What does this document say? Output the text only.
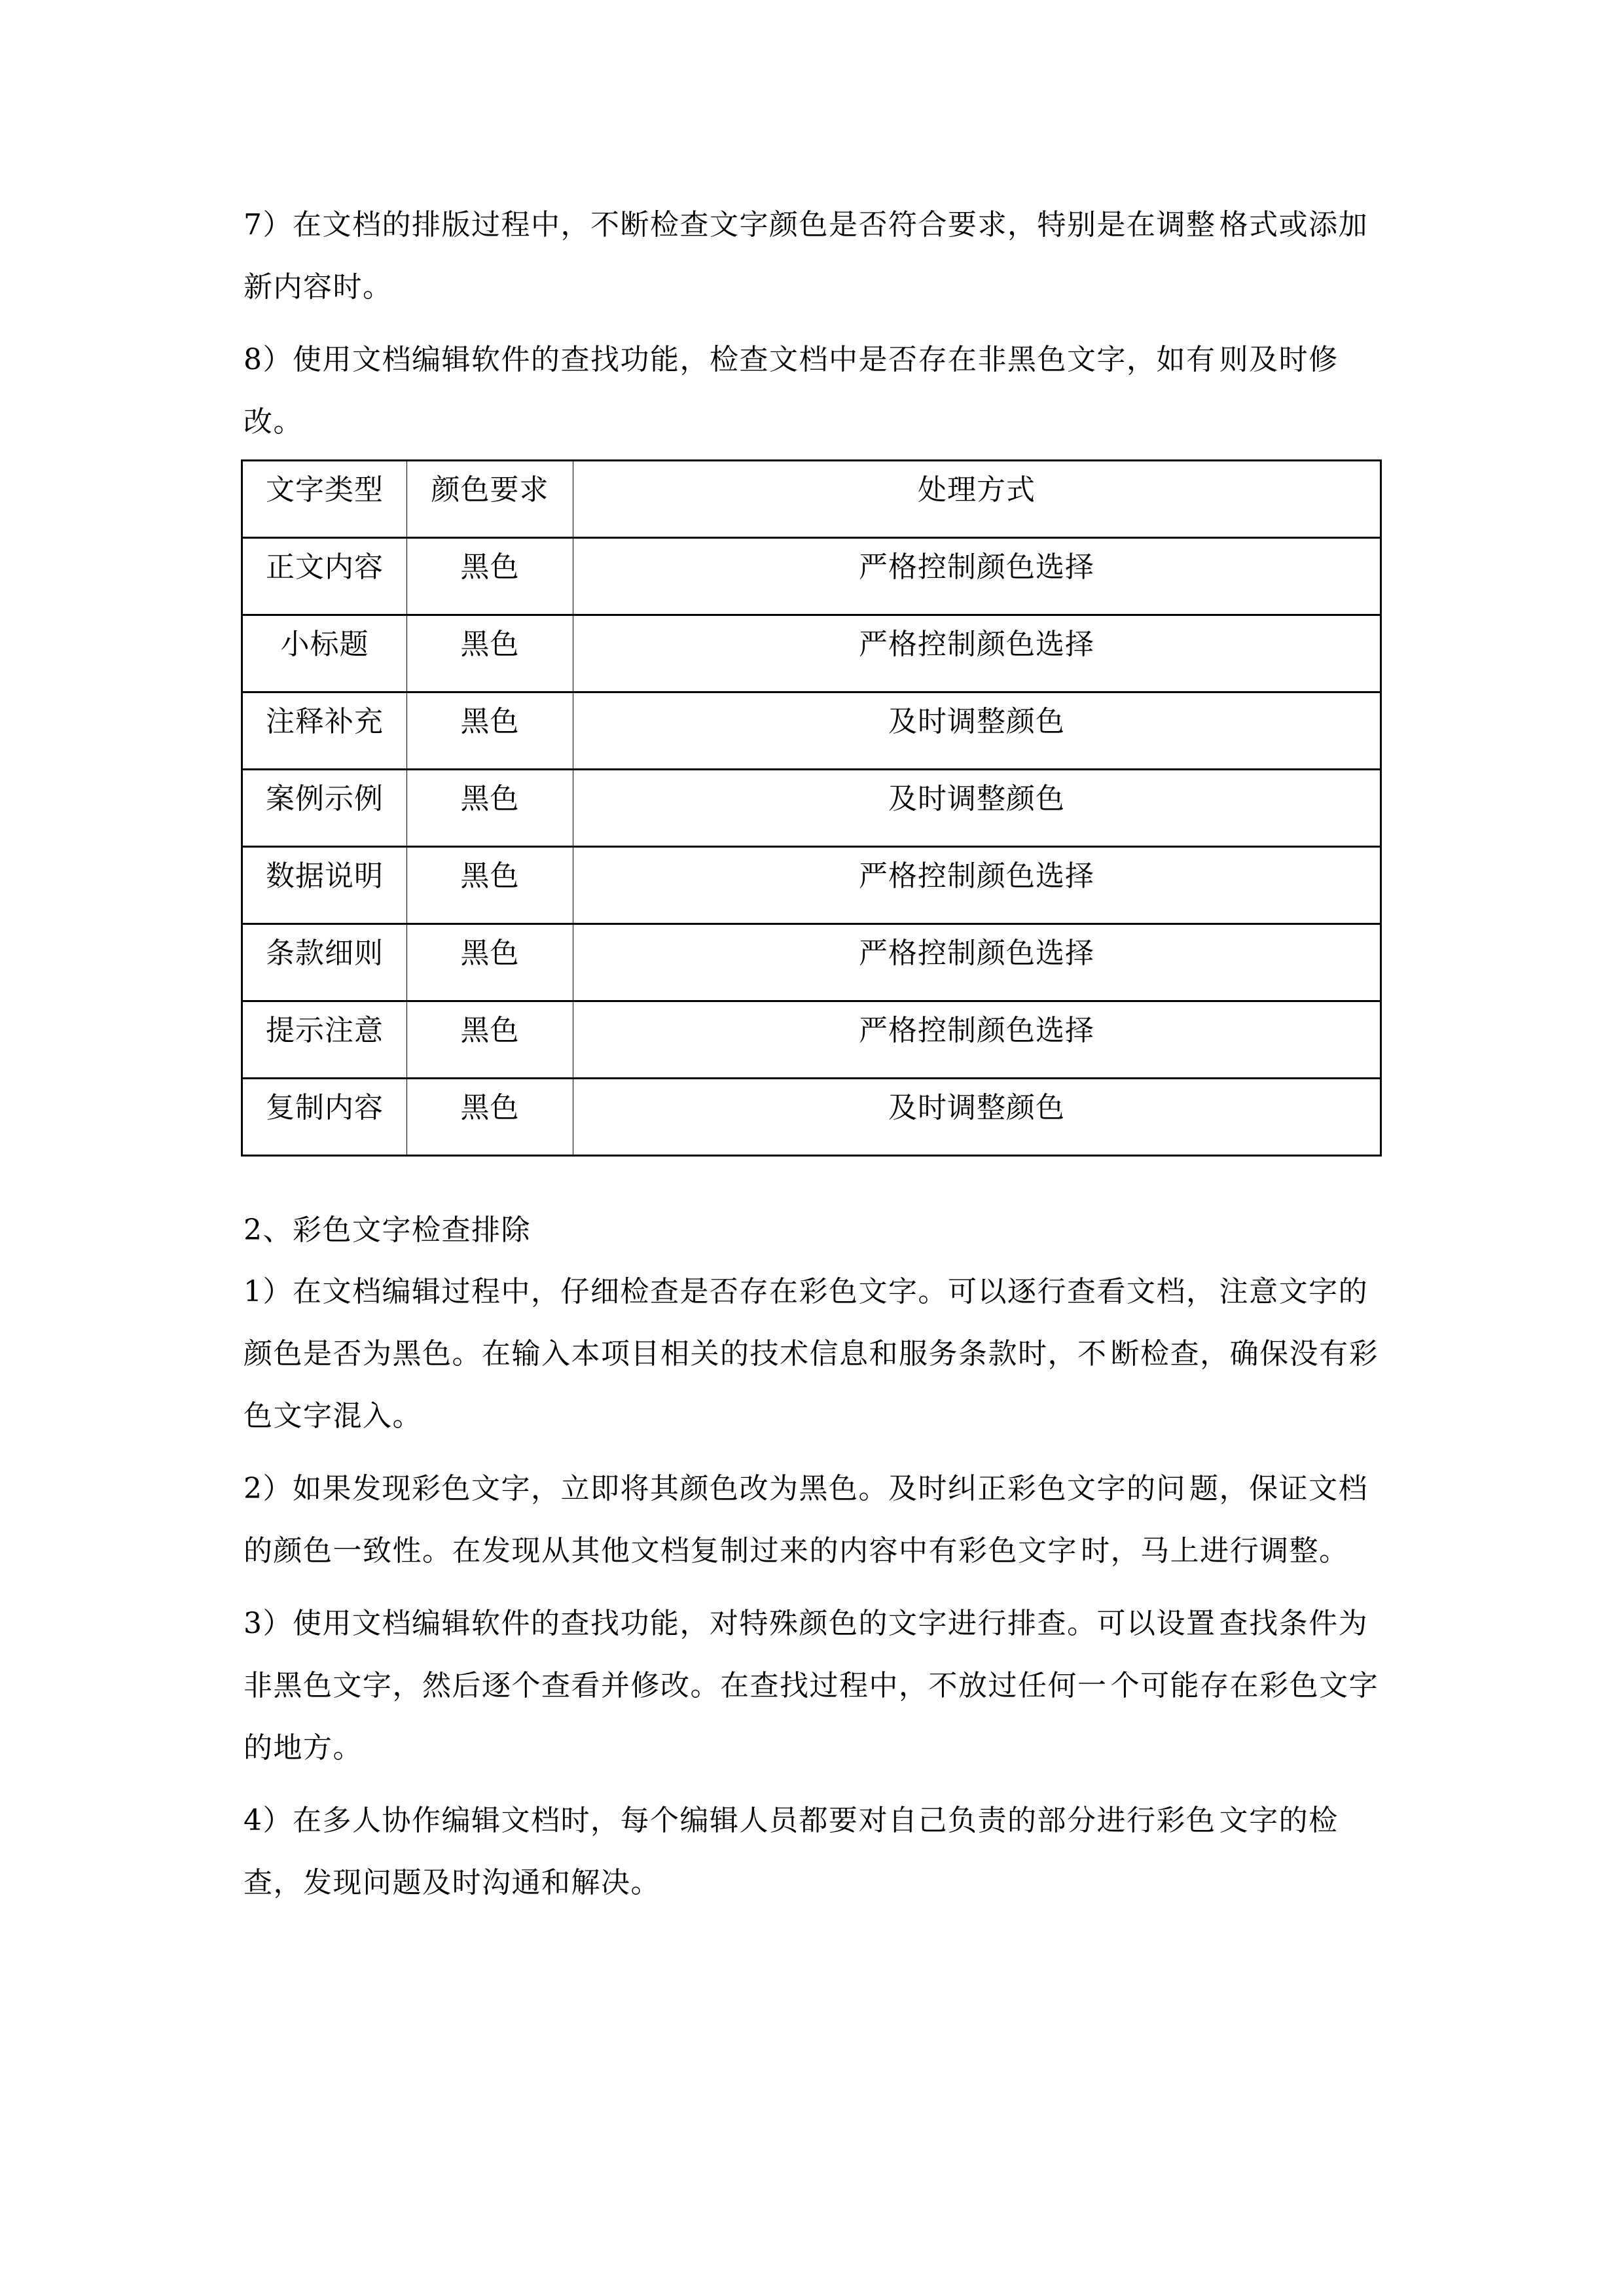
7）在文档的排版过程中，不断检查文字颜色是否符合要求，特别是在调整 格式或添加新内容时。
8）使用文档编辑软件的查找功能，检查文档中是否存在非黑色文字，如有 则及时修改。
文字类型	颜色要求	处理方式
正文内容	黑色	严格控制颜色选择
小标题	黑色	严格控制颜色选择
注释补充	黑色	及时调整颜色
案例示例	黑色	及时调整颜色
数据说明	黑色	严格控制颜色选择
条款细则	黑色	严格控制颜色选择
提示注意	黑色	严格控制颜色选择
复制内容	黑色	及时调整颜色
2、彩色文字检查排除
1）在文档编辑过程中，仔细检查是否存在彩色文字。可以逐行查看文档， 注意文字的颜色是否为黑色。在输入本项目相关的技术信息和服务条款时，不 断检查，确保没有彩色文字混入。
2）如果发现彩色文字，立即将其颜色改为黑色。及时纠正彩色文字的问 题，保证文档的颜色一致性。在发现从其他文档复制过来的内容中有彩色文字 时，马上进行调整。
3）使用文档编辑软件的查找功能，对特殊颜色的文字进行排查。可以设置 查找条件为非黑色文字，然后逐个查看并修改。在查找过程中，不放过任何一 个可能存在彩色文字的地方。
4）在多人协作编辑文档时，每个编辑人员都要对自己负责的部分进行彩色 文字的检查，发现问题及时沟通和解决。
